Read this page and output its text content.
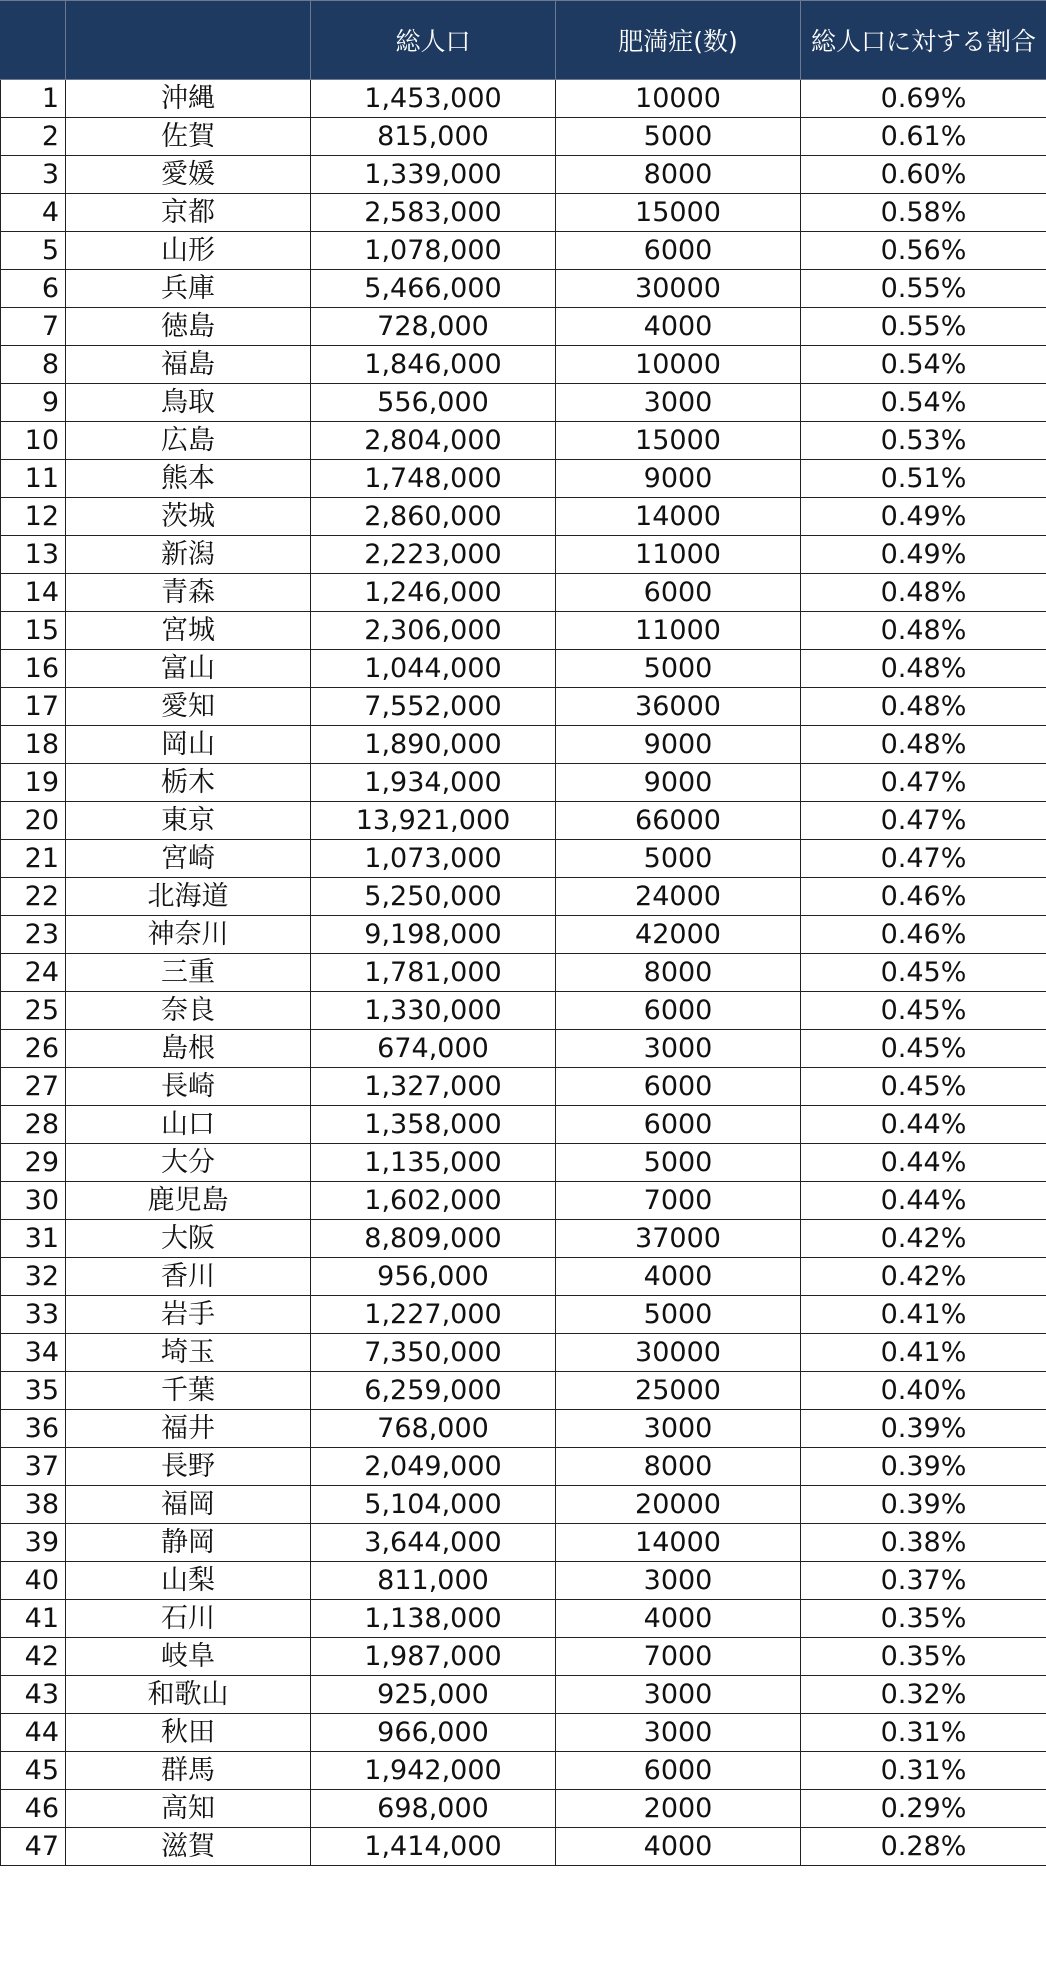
		総人口	肥満症(数)	総人口に対する割合
1	沖縄	1,453,000	10000	0.69%
2	佐賀	815,000	5000	0.61%
3	愛媛	1,339,000	8000	0.60%
4	京都	2,583,000	15000	0.58%
5	山形	1,078,000	6000	0.56%
6	兵庫	5,466,000	30000	0.55%
7	徳島	728,000	4000	0.55%
8	福島	1,846,000	10000	0.54%
9	鳥取	556,000	3000	0.54%
10	広島	2,804,000	15000	0.53%
11	熊本	1,748,000	9000	0.51%
12	茨城	2,860,000	14000	0.49%
13	新潟	2,223,000	11000	0.49%
14	青森	1,246,000	6000	0.48%
15	宮城	2,306,000	11000	0.48%
16	富山	1,044,000	5000	0.48%
17	愛知	7,552,000	36000	0.48%
18	岡山	1,890,000	9000	0.48%
19	栃木	1,934,000	9000	0.47%
20	東京	13,921,000	66000	0.47%
21	宮崎	1,073,000	5000	0.47%
22	北海道	5,250,000	24000	0.46%
23	神奈川	9,198,000	42000	0.46%
24	三重	1,781,000	8000	0.45%
25	奈良	1,330,000	6000	0.45%
26	島根	674,000	3000	0.45%
27	長崎	1,327,000	6000	0.45%
28	山口	1,358,000	6000	0.44%
29	大分	1,135,000	5000	0.44%
30	鹿児島	1,602,000	7000	0.44%
31	大阪	8,809,000	37000	0.42%
32	香川	956,000	4000	0.42%
33	岩手	1,227,000	5000	0.41%
34	埼玉	7,350,000	30000	0.41%
35	千葉	6,259,000	25000	0.40%
36	福井	768,000	3000	0.39%
37	長野	2,049,000	8000	0.39%
38	福岡	5,104,000	20000	0.39%
39	静岡	3,644,000	14000	0.38%
40	山梨	811,000	3000	0.37%
41	石川	1,138,000	4000	0.35%
42	岐阜	1,987,000	7000	0.35%
43	和歌山	925,000	3000	0.32%
44	秋田	966,000	3000	0.31%
45	群馬	1,942,000	6000	0.31%
46	高知	698,000	2000	0.29%
47	滋賀	1,414,000	4000	0.28%
